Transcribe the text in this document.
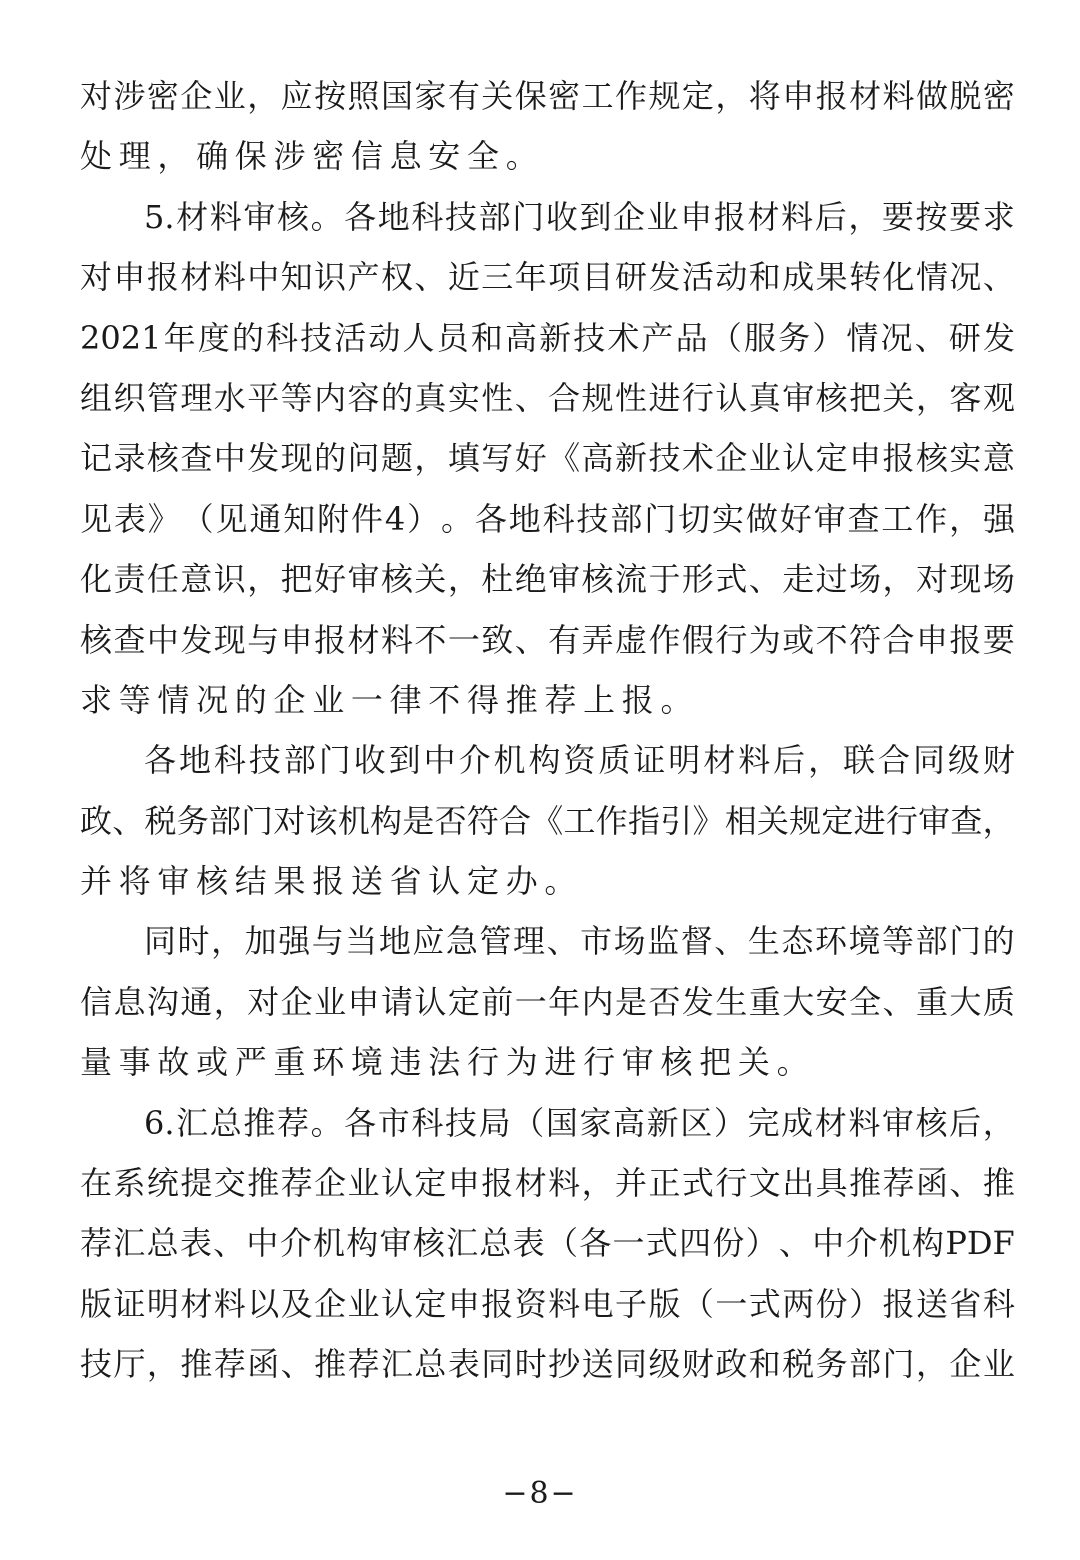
对 涉 密 企 业 ， 应 按 照 国 家 有 关 保 密 工 作 规 定 ， 将 申 报 材 料 做 脱 密
处理，确保涉密信息安全。
5. 材 料 审 核 。 各 地 科 技 部 门 收 到 企 业 申 报 材 料 后 ， 要 按 要 求
对 申 报 材 料 中 知 识 产 权 、 近 三 年 项 目 研 发 活 动 和 成 果 转 化 情 况 、
2021 年 度 的 科 技 活 动 人 员 和 高 新 技 术 产 品 （ 服 务 ） 情 况 、 研 发
组 织 管 理 水 平 等 内 容 的 真 实 性 、 合 规 性 进 行 认 真 审 核 把 关 ， 客 观
记 录 核 查 中 发 现 的 问 题 ， 填 写 好 《 高 新 技 术 企 业 认 定 申 报 核 实 意
见 表 》 （ 见 通 知 附 件 4 ） 。 各 地 科 技 部 门 切 实 做 好 审 查 工 作 ， 强
化 责 任 意 识 ， 把 好 审 核 关 ， 杜 绝 审 核 流 于 形 式 、 走 过 场 ， 对 现 场
核 查 中 发 现 与 申 报 材 料 不 一 致 、 有 弄 虚 作 假 行 为 或 不 符 合 申 报 要
求等情况的企业一律不得推荐上报。
各 地 科 技 部 门 收 到 中 介 机 构 资 质 证 明 材 料 后 ， 联 合 同 级 财
政 、 税 务 部 门 对 该 机 构 是 否 符 合 《 工 作 指 引 》 相 关 规 定 进 行 审 查 ，
并将审核结果报送省认定办。
同 时 ， 加 强 与 当 地 应 急 管 理 、 市 场 监 督 、 生 态 环 境 等 部 门 的
信 息 沟 通 ， 对 企 业 申 请 认 定 前 一 年 内 是 否 发 生 重 大 安 全 、 重 大 质
量事故或严重环境违法行为进行审核把关。
6. 汇 总 推 荐 。 各 市 科 技 局 （ 国 家 高 新 区 ） 完 成 材 料 审 核 后 ，
在 系 统 提 交 推 荐 企 业 认 定 申 报 材 料 ， 并 正 式 行 文 出 具 推 荐 函 、 推
荐 汇 总 表 、 中 介 机 构 审 核 汇 总 表 （ 各 一 式 四 份 ） 、 中 介 机 构 PDF
版 证 明 材 料 以 及 企 业 认 定 申 报 资 料 电 子 版 （ 一 式 两 份 ） 报 送 省 科
技 厅 ， 推 荐 函 、 推 荐 汇 总 表 同 时 抄 送 同 级 财 政 和 税 务 部 门 ， 企 业
−8−
